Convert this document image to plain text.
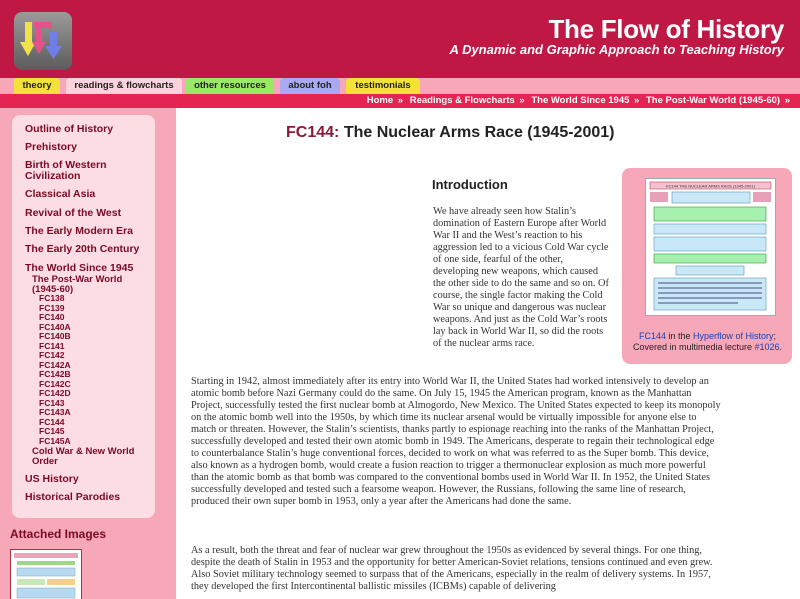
The Flow of History
A Dynamic and Graphic Approach to Teaching History
theory	readings & flowcharts	other resources	about foh	testimonials
Home » Readings & Flowcharts » The World Since 1945 » The Post-War World (1945-60) »
Outline of History
Prehistory
Birth of Western Civilization
Classical Asia
Revival of the West
The Early Modern Era
The Early 20th Century
The World Since 1945
The Post-War World (1945-60)
FC138
FC139
FC140
FC140A
FC140B
FC141
FC142
FC142A
FC142B
FC142C
FC142D
FC143
FC143A
FC144
FC145
FC145A
Cold War & New World Order
US History
Historical Parodies
Attached Images
FC144: The Nuclear Arms Race (1945-2001)
Introduction
We have already seen how Stalin’s domination of Eastern Europe after World War II and the West’s reaction to his aggression led to a vicious Cold War cycle of one side, fearful of the other, developing new weapons, which caused the other side to do the same and so on. Of course, the single factor making the Cold War so unique and dangerous was nuclear weapons. And just as the Cold War’s roots lay back in World War II, so did the roots of the nuclear arms race.
FC144 THE NUCLEAR ARMS RACE (1945-2001)
FC144 in the Hyperflow of History; Covered in multimedia lecture #1026.
Starting in 1942, almost immediately after its entry into World War II, the United States had worked intensively to develop an atomic bomb before Nazi Germany could do the same. On July 15, 1945 the American program, known as the Manhattan Project, successfully tested the first nuclear bomb at Almogordo, New Mexico. The United States expected to keep its monopoly on the atomic bomb well into the 1950s, by which time its nuclear arsenal would be virtually impossible for anyone else to match or threaten. However, the Stalin’s scientists, thanks partly to espionage reaching into the ranks of the Manhattan Project, successfully developed and tested their own atomic bomb in 1949. The Americans, desperate to regain their technological edge to counterbalance Stalin’s huge conventional forces, decided to work on what was referred to as the Super bomb. This device, also known as a hydrogen bomb, would create a fusion reaction to trigger a thermonuclear explosion as much more powerful than the atomic bomb as that bomb was compared to the conventional bombs used in World War II. In 1952, the United States successfully developed and tested such a fearsome weapon. However, the Russians, following the same line of research, produced their own super bomb in 1953, only a year after the Americans had done the same.
As a result, both the threat and fear of nuclear war grew throughout the 1950s as evidenced by several things. For one thing, despite the death of Stalin in 1953 and the opportunity for better American-Soviet relations, tensions continued and even grew. Also Soviet military technology seemed to surpass that of the Americans, especially in the realm of delivery systems. In 1957, they developed the first Intercontinental ballistic missiles (ICBMs) capable of delivering
